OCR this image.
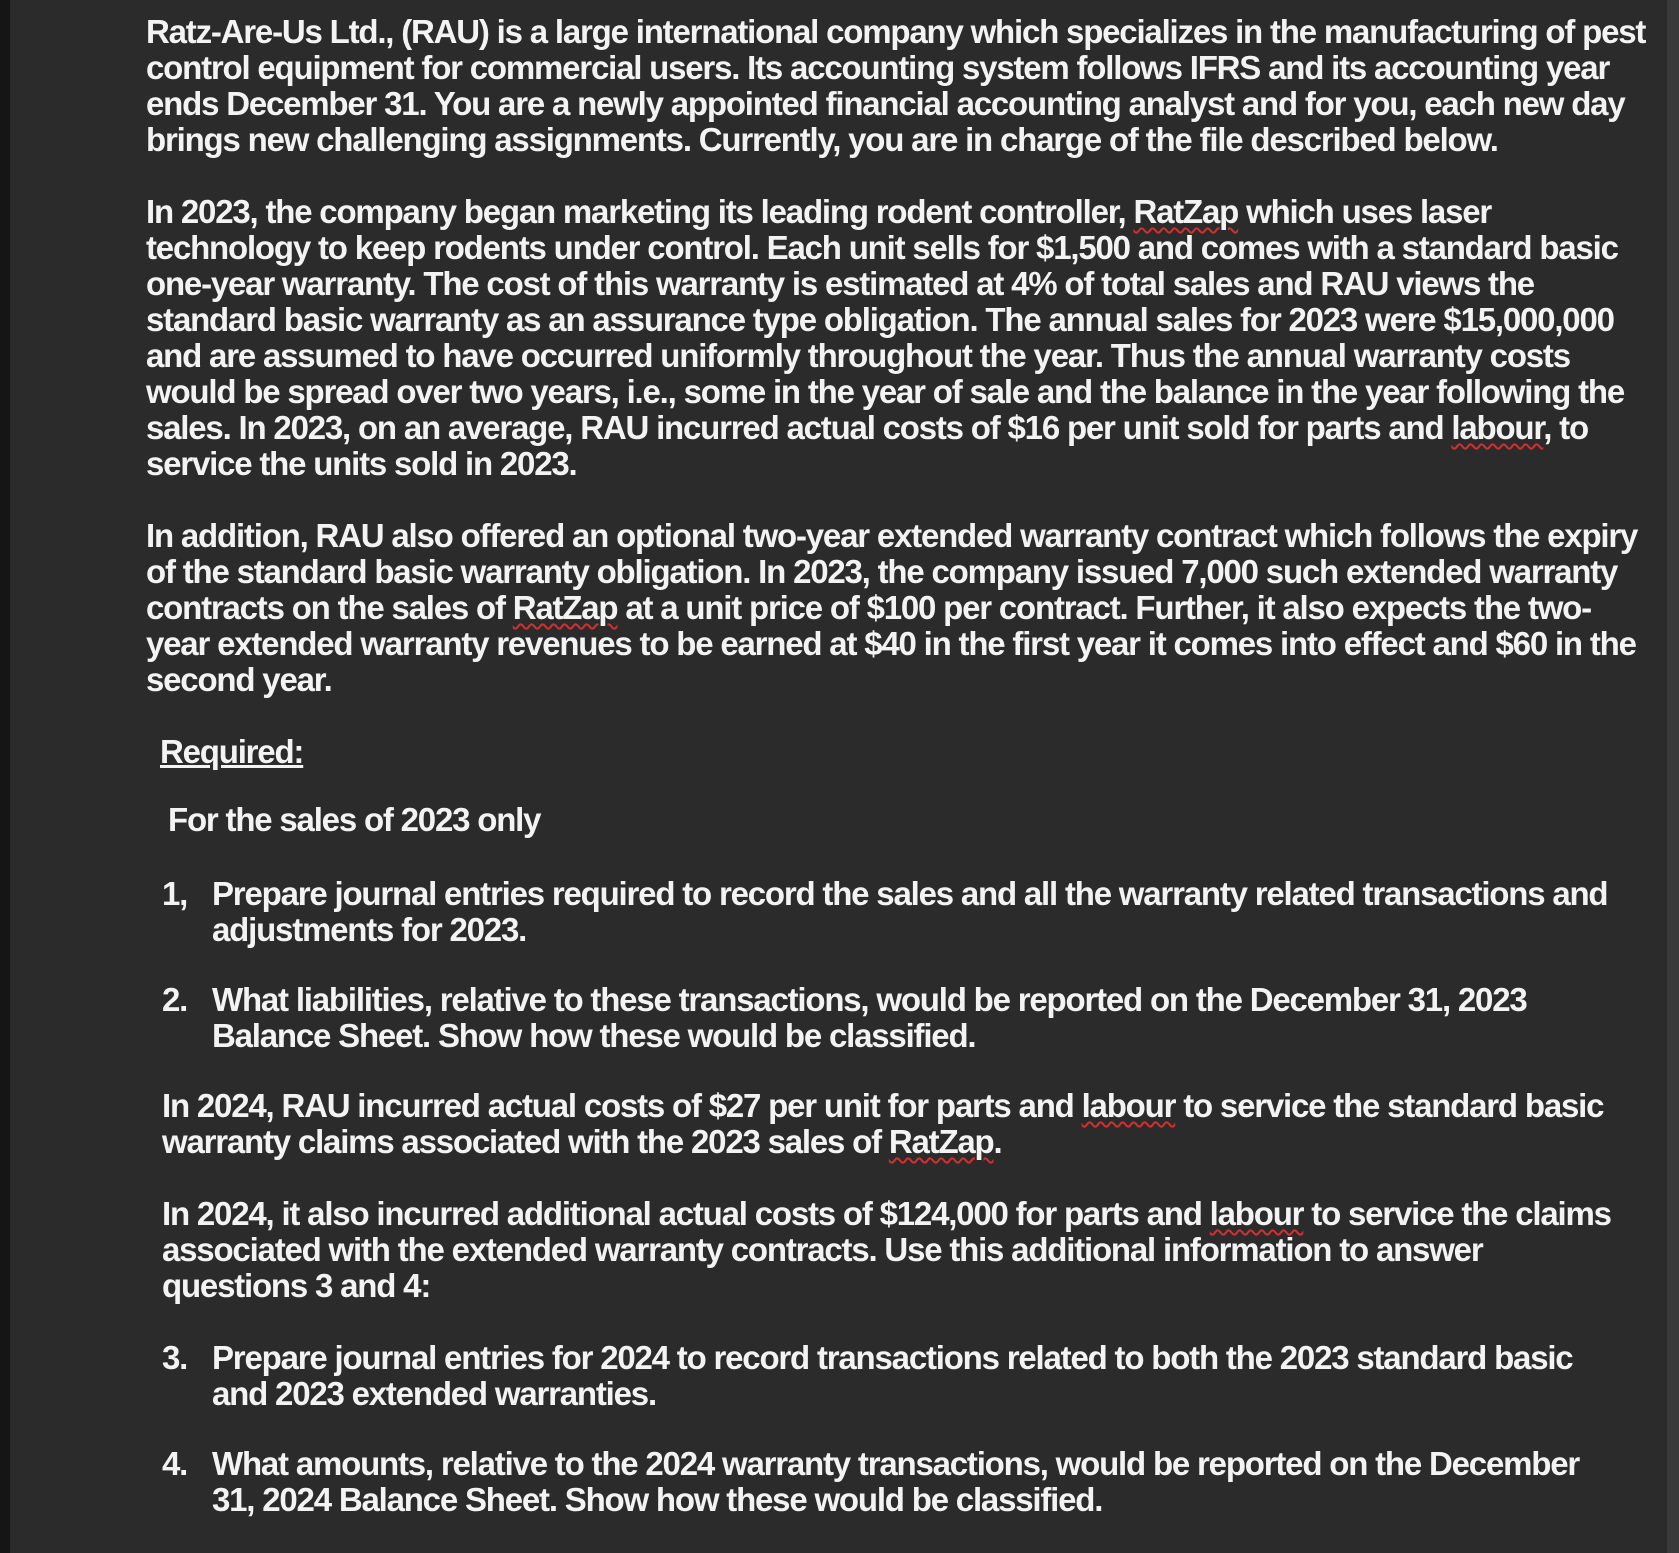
Ratz-Are-Us Ltd., (RAU) is a large international company which specializes in the manufacturing of pest control equipment for commercial users. Its accounting system follows IFRS and its accounting year ends December 31. You are a newly appointed financial accounting analyst and for you, each new day brings new challenging assignments. Currently, you are in charge of the file described below.

In 2023, the company began marketing its leading rodent controller, RatZap which uses laser technology to keep rodents under control. Each unit sells for $1,500 and comes with a standard basic one-year warranty. The cost of this warranty is estimated at 4% of total sales and RAU views the standard basic warranty as an assurance type obligation. The annual sales for 2023 were $15,000,000 and are assumed to have occurred uniformly throughout the year. Thus the annual warranty costs would be spread over two years, i.e., some in the year of sale and the balance in the year following the sales. In 2023, on an average, RAU incurred actual costs of $16 per unit sold for parts and labour, to service the units sold in 2023.

In addition, RAU also offered an optional two-year extended warranty contract which follows the expiry of the standard basic warranty obligation. In 2023, the company issued 7,000 such extended warranty contracts on the sales of RatZap at a unit price of $100 per contract. Further, it also expects the two-year extended warranty revenues to be earned at $40 in the first year it comes into effect and $60 in the second year.

Required:
For the sales of 2023 only
1, Prepare journal entries required to record the sales and all the warranty related transactions and adjustments for 2023.
2. What liabilities, relative to these transactions, would be reported on the December 31, 2023 Balance Sheet. Show how these would be classified.

In 2024, RAU incurred actual costs of $27 per unit for parts and labour to service the standard basic warranty claims associated with the 2023 sales of RatZap.

In 2024, it also incurred additional actual costs of $124,000 for parts and labour to service the claims associated with the extended warranty contracts. Use this additional information to answer questions 3 and 4:

3. Prepare journal entries for 2024 to record transactions related to both the 2023 standard basic and 2023 extended warranties.
4. What amounts, relative to the 2024 warranty transactions, would be reported on the December 31, 2024 Balance Sheet. Show how these would be classified.
